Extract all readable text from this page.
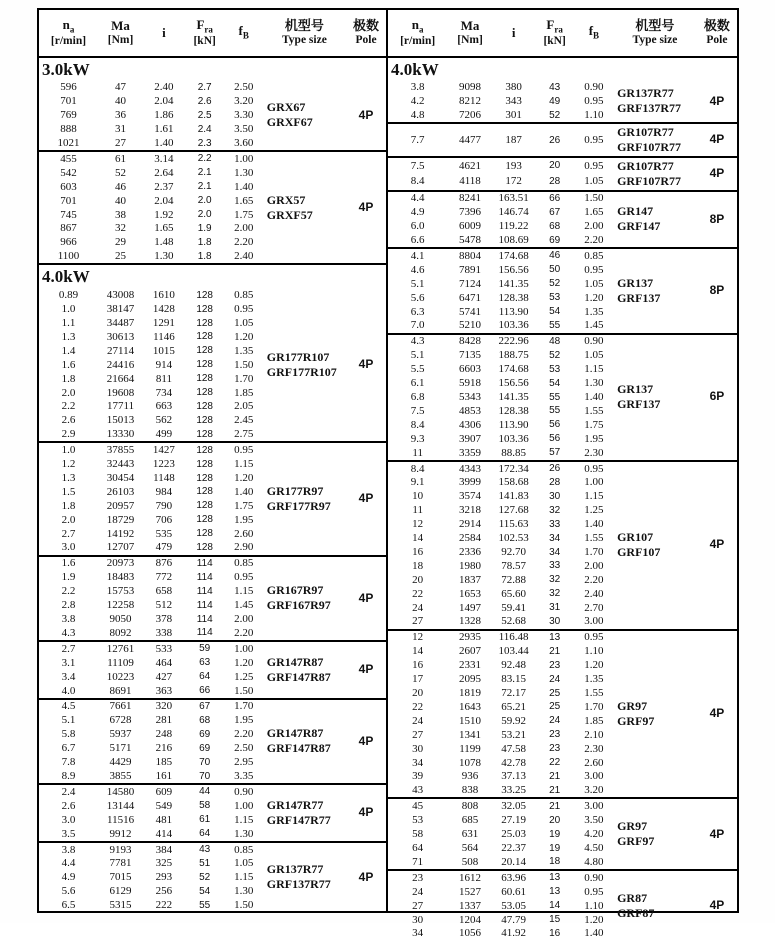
$n_a$
[r/min]

Ma
[Nm]

i	$F_{ra}$
[kN]

$f_B$

机型号
Type size

极数
Pole

3.0kW						
596	47	2.40	2.7	2.50	GRX67
GRXF67	4P
701	40	2.04	2.6	3.20		
769	36	1.86	2.5	3.30		
888	31	1.61	2.4	3.50		
1021	27	1.40	2.3	3.60		
455	61	3.14	2.2	1.00	GRX57
GRXF57	4P
542	52	2.64	2.1	1.30		
603	46	2.37	2.1	1.40		
701	40	2.04	2.0	1.65		
745	38	1.92	2.0	1.75		
867	32	1.65	1.9	2.00		
966	29	1.48	1.8	2.20		
1100	25	1.30	1.8	2.40		
4.0kW						
0.89	43008	1610	128	0.85	GR177R107
GRF177R107	4P
1.0	38147	1428	128	0.95		
1.1	34487	1291	128	1.05		
1.3	30613	1146	128	1.20		
1.4	27114	1015	128	1.35		
1.6	24416	914	128	1.50		
1.8	21664	811	128	1.70		
2.0	19608	734	128	1.85		
2.2	17711	663	128	2.05		
2.6	15013	562	128	2.45		
2.9	13330	499	128	2.75		
1.0	37855	1427	128	0.95	GR177R97
GRF177R97	4P
1.2	32443	1223	128	1.15		
1.3	30454	1148	128	1.20		
1.5	26103	984	128	1.40		
1.8	20957	790	128	1.75		
2.0	18729	706	128	1.95		
2.7	14192	535	128	2.60		
3.0	12707	479	128	2.90		
1.6	20973	876	114	0.85	GR167R97
GRF167R97	4P
1.9	18483	772	114	0.95		
2.2	15753	658	114	1.15		
2.8	12258	512	114	1.45		
3.8	9050	378	114	2.00		
4.3	8092	338	114	2.20		
2.7	12761	533	59	1.00	GR147R87
GRF147R87	4P
3.1	11109	464	63	1.20		
3.4	10223	427	64	1.25		
4.0	8691	363	66	1.50		
4.5	7661	320	67	1.70	GR147R87
GRF147R87	4P
5.1	6728	281	68	1.95		
5.8	5937	248	69	2.20		
6.7	5171	216	69	2.50		
7.8	4429	185	70	2.95		
8.9	3855	161	70	3.35		
2.4	14580	609	44	0.90	GR147R77
GRF147R77	4P
2.6	13144	549	58	1.00		
3.0	11516	481	61	1.15		
3.5	9912	414	64	1.30		
3.8	9193	384	43	0.85	GR137R77
GRF137R77	4P
4.4	7781	325	51	1.05		
4.9	7015	293	52	1.15		
5.6	6129	256	54	1.30		
6.5	5315	222	55	1.50		
$n_a$
[r/min]

Ma
[Nm]

i	$F_{ra}$
[kN]

$f_B$

机型号
Type size

极数
Pole

4.0kW						
3.8	9098	380	43	0.90	GR137R77
GRF137R77	4P
4.2	8212	343	49	0.95		
4.8	7206	301	52	1.10		
7.7	4477	187	26	0.95	GR107R77
GRF107R77	4P
7.5	4621	193	20	0.95	GR107R77
GRF107R77	4P
8.4	4118	172	28	1.05		
4.4	8241	163.51	66	1.50	GR147
GRF147	8P
4.9	7396	146.74	67	1.65		
6.0	6009	119.22	68	2.00		
6.6	5478	108.69	69	2.20		
4.1	8804	174.68	46	0.85	GR137
GRF137	8P
4.6	7891	156.56	50	0.95		
5.1	7124	141.35	52	1.05		
5.6	6471	128.38	53	1.20		
6.3	5741	113.90	54	1.35		
7.0	5210	103.36	55	1.45		
4.3	8428	222.96	48	0.90	GR137
GRF137	6P
5.1	7135	188.75	52	1.05		
5.5	6603	174.68	53	1.15		
6.1	5918	156.56	54	1.30		
6.8	5343	141.35	55	1.40		
7.5	4853	128.38	55	1.55		
8.4	4306	113.90	56	1.75		
9.3	3907	103.36	56	1.95		
11	3359	88.85	57	2.30		
8.4	4343	172.34	26	0.95	GR107
GRF107	4P
9.1	3999	158.68	28	1.00		
10	3574	141.83	30	1.15		
11	3218	127.68	32	1.25		
12	2914	115.63	33	1.40		
14	2584	102.53	34	1.55		
16	2336	92.70	34	1.70		
18	1980	78.57	33	2.00		
20	1837	72.88	32	2.20		
22	1653	65.60	32	2.40		
24	1497	59.41	31	2.70		
27	1328	52.68	30	3.00		
12	2935	116.48	13	0.95	GR97
GRF97	4P
14	2607	103.44	21	1.10		
16	2331	92.48	23	1.20		
17	2095	83.15	24	1.35		
20	1819	72.17	25	1.55		
22	1643	65.21	25	1.70		
24	1510	59.92	24	1.85		
27	1341	53.21	23	2.10		
30	1199	47.58	23	2.30		
34	1078	42.78	22	2.60		
39	936	37.13	21	3.00		
43	838	33.25	21	3.20		
45	808	32.05	21	3.00	GR97
GRF97	4P
53	685	27.19	20	3.50		
58	631	25.03	19	4.20		
64	564	22.37	19	4.50		
71	508	20.14	18	4.80		
23	1612	63.96	13	0.90	GR87
GRF87	4P
24	1527	60.61	13	0.95		
27	1337	53.05	14	1.10		
30	1204	47.79	15	1.20		
34	1056	41.92	16	1.40		
